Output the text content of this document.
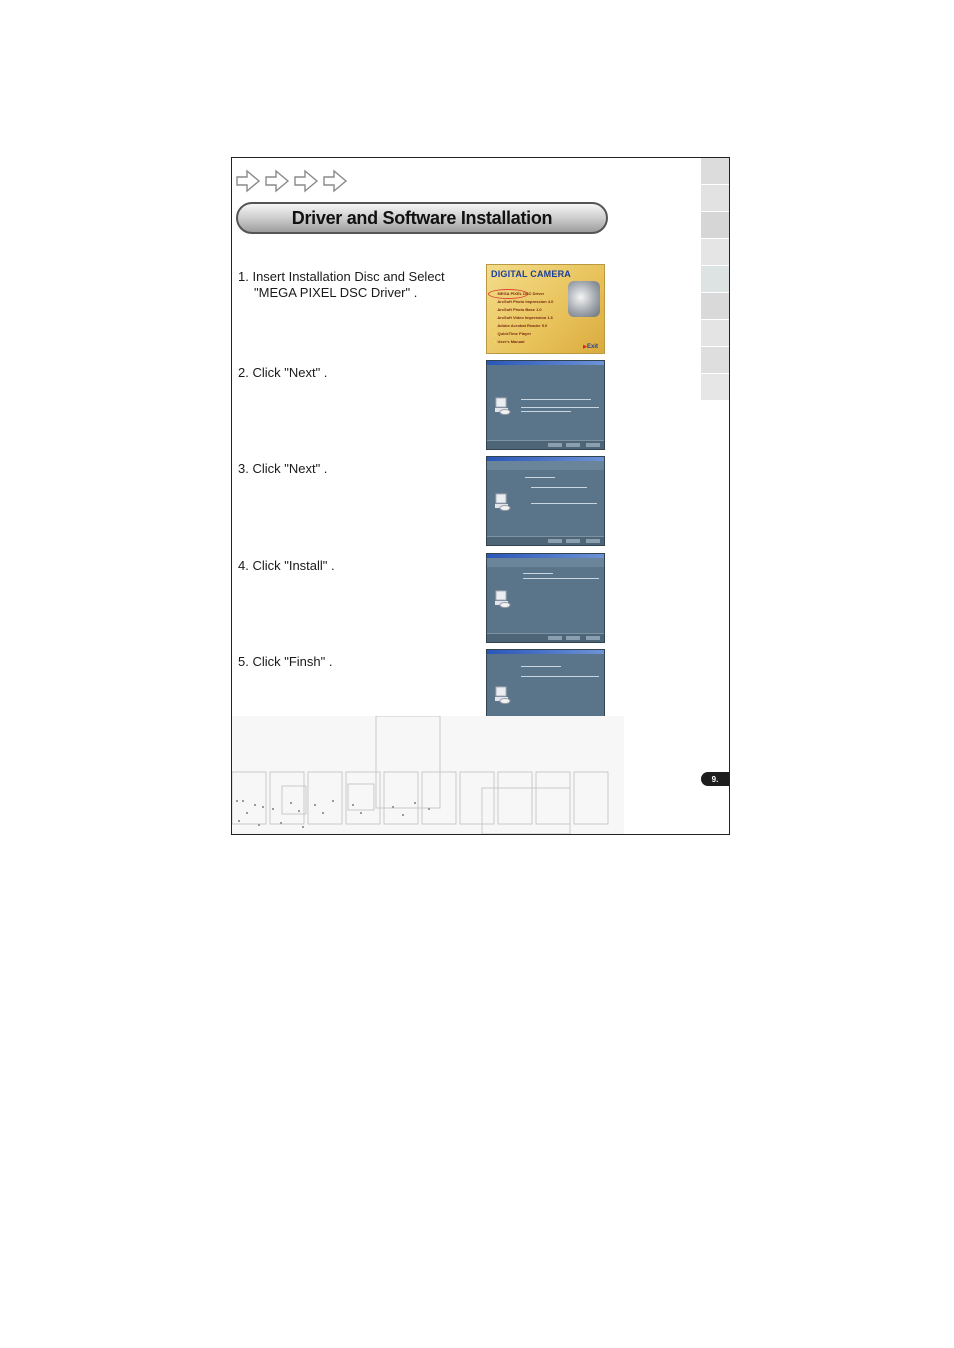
Driver and Software Installation
1. Insert Installation Disc and Select
"MEGA PIXEL DSC Driver" .
DIGITAL CAMERA
● MEGA PIXEL DSC Driver
● ArcSoft Photo Impression 4.0
● ArcSoft Photo Base 1.0
● ArcSoft Video Impression 1.6
● Adobe Acrobat Reader 5.0
● QuickTime Player
● User's Manual
▶ Exit
2. Click "Next" .
3. Click "Next" .
4. Click "Install" .
5. Click "Finsh" .
9.
